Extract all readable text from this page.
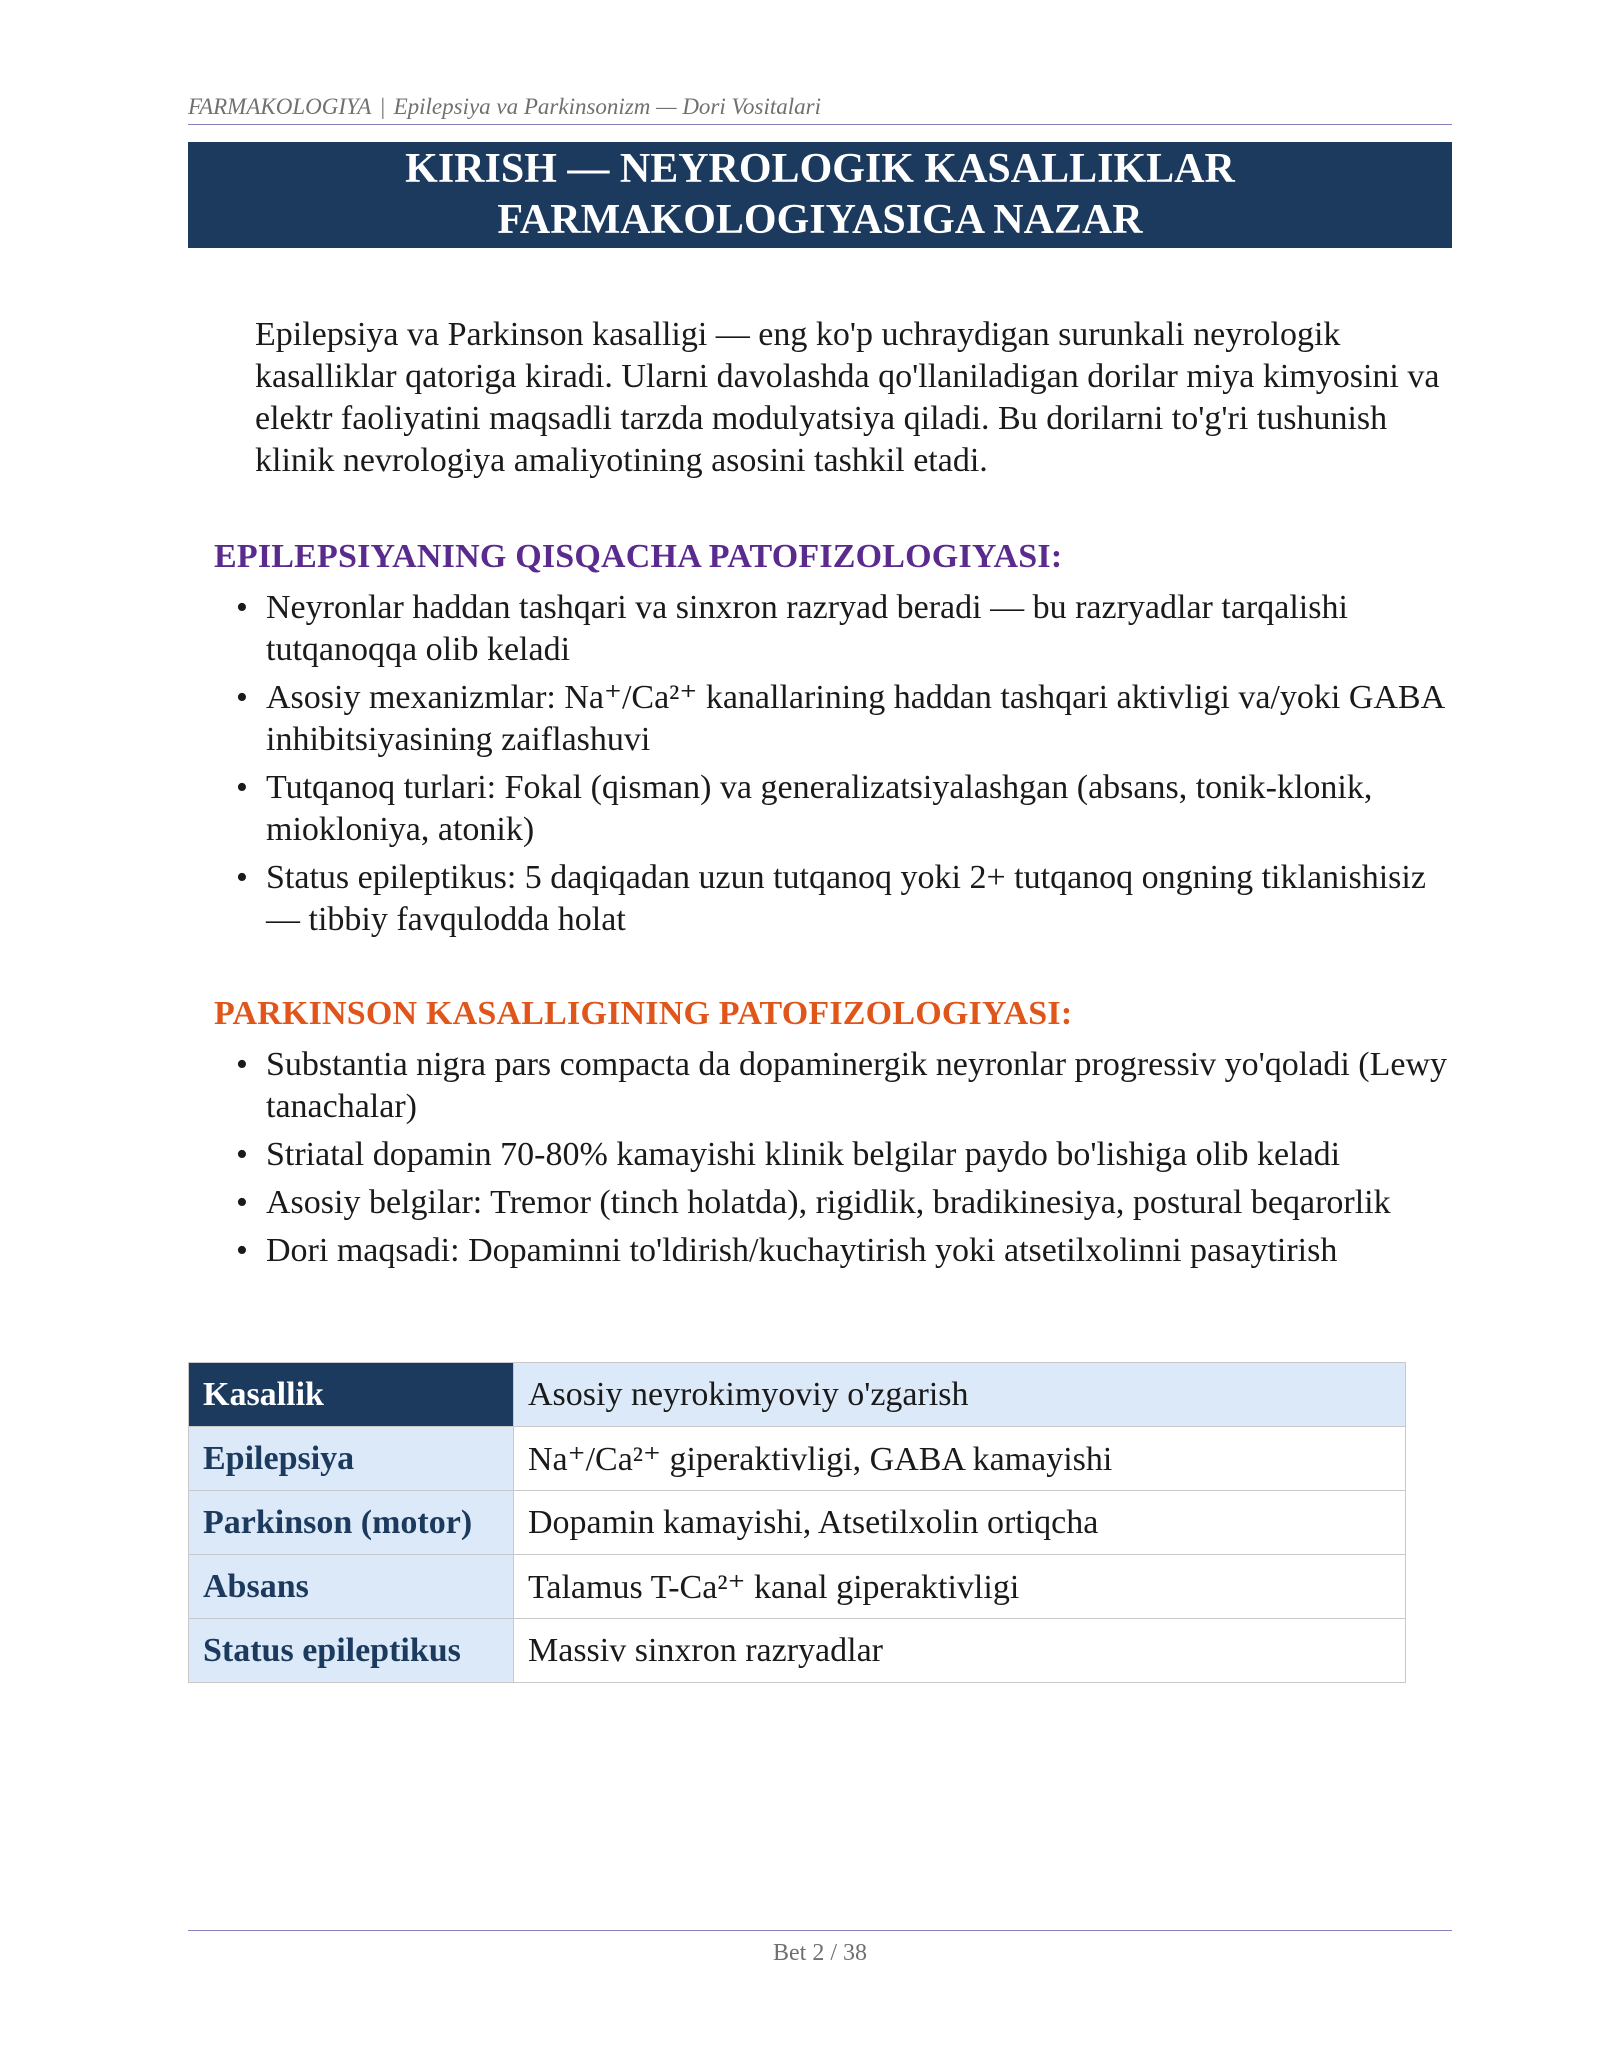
FARMAKOLOGIYA | Epilepsiya va Parkinsonizm — Dori Vositalari
KIRISH — NEYROLOGIK KASALLIKLAR
FARMAKOLOGIYASIGA NAZAR

Epilepsiya va Parkinson kasalligi — eng ko'p uchraydigan surunkali neyrologik kasalliklar qatoriga kiradi. Ularni davolashda qo'llaniladigan dorilar miya kimyosini va elektr faoliyatini maqsadli tarzda modulyatsiya qiladi. Bu dorilarni to'g'ri tushunish klinik nevrologiya amaliyotining asosini tashkil etadi.

EPILEPSIYANING QISQACHA PATOFIZOLOGIYASI:
• Neyronlar haddan tashqari va sinxron razryad beradi — bu razryadlar tarqalishi tutqanoqqa olib keladi
• Asosiy mexanizmlar: Na⁺/Ca²⁺ kanallarining haddan tashqari aktivligi va/yoki GABA inhibitsiyasining zaiflashuvi
• Tutqanoq turlari: Fokal (qisman) va generalizatsiyalashgan (absans, tonik-klonik, miokloniya, atonik)
• Status epileptikus: 5 daqiqadan uzun tutqanoq yoki 2+ tutqanoq ongning tiklanishisiz — tibbiy favqulodda holat
PARKINSON KASALLIGINING PATOFIZOLOGIYASI:
• Substantia nigra pars compacta da dopaminergik neyronlar progressiv yo'qoladi (Lewy tanachalar)
• Striatal dopamin 70-80% kamayishi klinik belgilar paydo bo'lishiga olib keladi
• Asosiy belgilar: Tremor (tinch holatda), rigidlik, bradikinesiya, postural beqarorlik
• Dori maqsadi: Dopaminni to'ldirish/kuchaytirish yoki atsetilxolinni pasaytirish
Kasallik	Asosiy neyrokimyoviy o'zgarish
Epilepsiya	Na⁺/Ca²⁺ giperaktivligi, GABA kamayishi
Parkinson (motor)	Dopamin kamayishi, Atsetilxolin ortiqcha
Absans	Talamus T-Ca²⁺ kanal giperaktivligi
Status epileptikus	Massiv sinxron razryadlar
Bet 2 / 38
